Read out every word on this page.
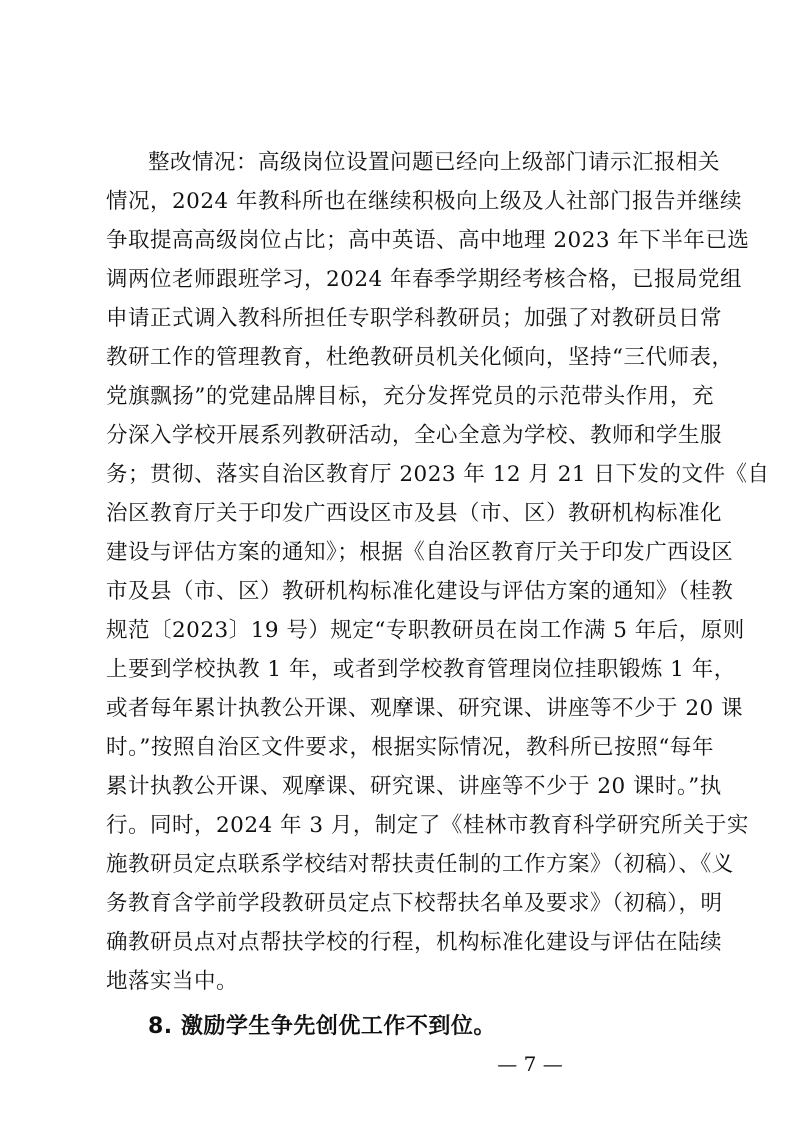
整改情况：高级岗位设置问题已经向上级部门请示汇报相关
情况，2024 年教科所也在继续积极向上级及人社部门报告并继续
争取提高高级岗位占比；高中英语、高中地理 2023 年下半年已选
调两位老师跟班学习，2024 年春季学期经考核合格，已报局党组
申请正式调入教科所担任专职学科教研员；加强了对教研员日常
教研工作的管理教育，杜绝教研员机关化倾向，坚持“三代师表，
党旗飘扬”的党建品牌目标，充分发挥党员的示范带头作用，充
分深入学校开展系列教研活动，全心全意为学校、教师和学生服
务；贯彻、落实自治区教育厅 2023 年 12 月 21 日下发的文件《自
治区教育厅关于印发广西设区市及县（市、区）教研机构标准化
建设与评估方案的通知》；根据《自治区教育厅关于印发广西设区
市及县（市、区）教研机构标准化建设与评估方案的通知》（桂教
规范〔2023〕19 号）规定“专职教研员在岗工作满 5 年后，原则
上要到学校执教 1 年，或者到学校教育管理岗位挂职锻炼 1 年，
或者每年累计执教公开课、观摩课、研究课、讲座等不少于 20 课
时。”按照自治区文件要求，根据实际情况，教科所已按照“每年
累计执教公开课、观摩课、研究课、讲座等不少于 20 课时。”执
行。同时，2024 年 3 月，制定了《桂林市教育科学研究所关于实
施教研员定点联系学校结对帮扶责任制的工作方案》（初稿）、《义
务教育含学前学段教研员定点下校帮扶名单及要求》（初稿），明
确教研员点对点帮扶学校的行程，机构标准化建设与评估在陆续
地落实当中。
8. 激励学生争先创优工作不到位。
— 7 —
